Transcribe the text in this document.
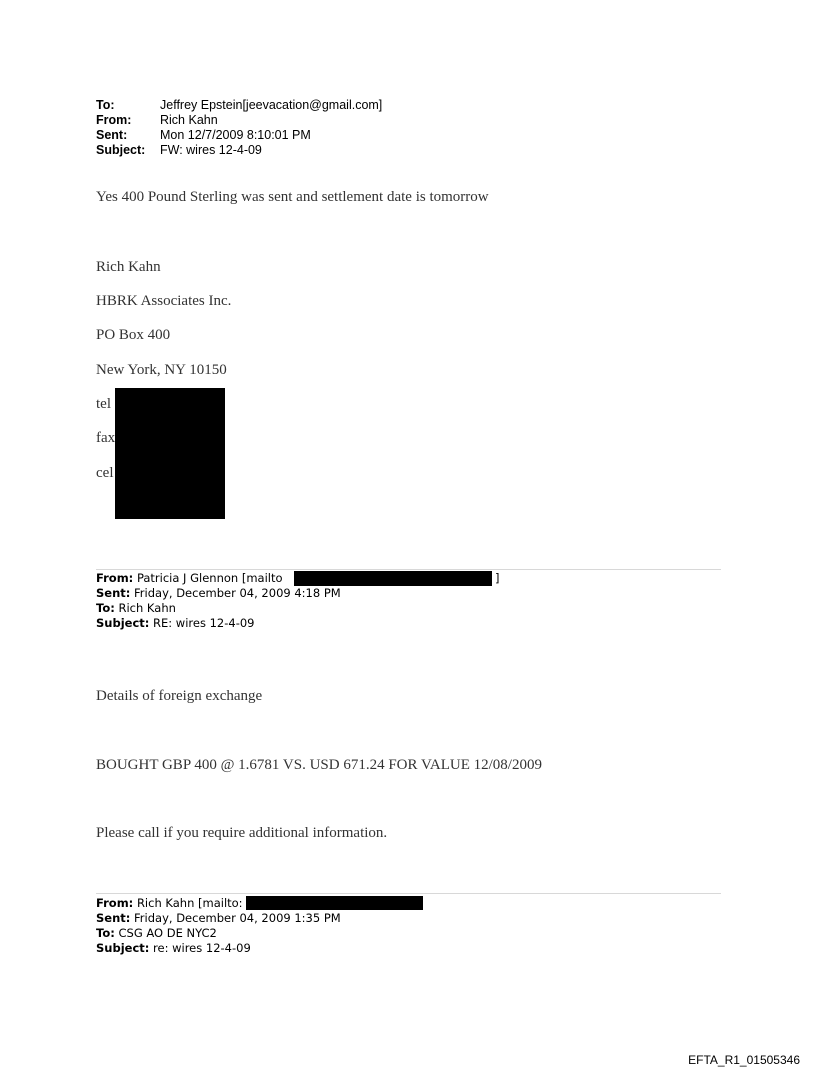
To:	Jeffrey Epstein[jeevacation@gmail.com]
From: Rich Kahn
Sent:	Mon 12/7/2009 8:10:01 PM
Subject: FW: wires 12-4-09
Yes 400 Pound Sterling was sent and settlement date is tomorrow
Rich Kahn
HBRK Associates Inc.
PO Box 400
New York, NY 10150
tel
fax
cel
From: Patricia J Glennon [mailto	]
Sent: Friday, December 04, 2009 4:18 PM
To: Rich Kahn
Subject: RE: wires 12-4-09
Details of foreign exchange
BOUGHT GBP 400 @ 1.6781 VS. USD 671.24 FOR VALUE 12/08/2009
Please call if you require additional information.
From: Rich Kahn [mailto:
Sent: Friday, December 04, 2009 1:35 PM
To: CSG AO DE NYC2
Subject: re: wires 12-4-09
EFTA_R1_01505346
